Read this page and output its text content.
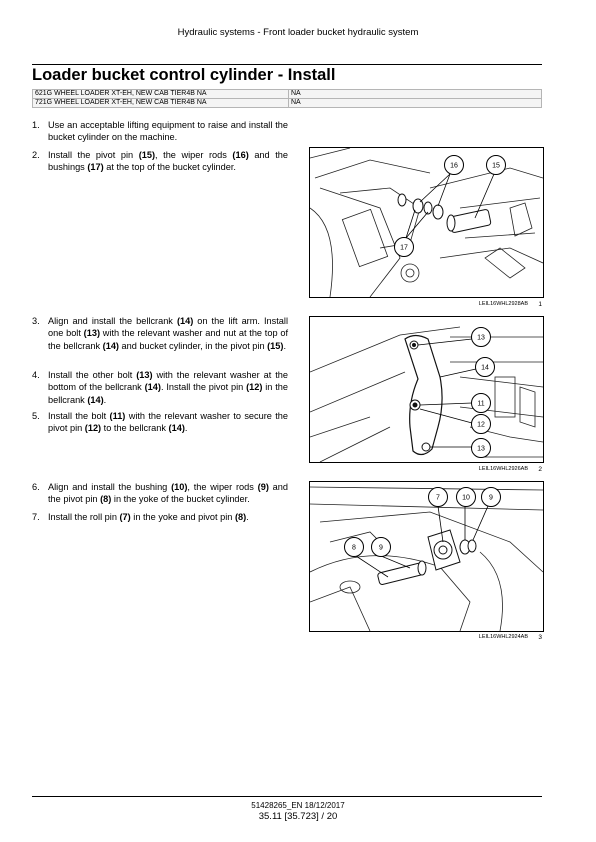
Hydraulic systems - Front loader bucket hydraulic system
Loader bucket control cylinder - Install
621G WHEEL LOADER XT-EH, NEW CAB TIER4B NA	NA
721G WHEEL LOADER XT-EH, NEW CAB TIER4B NA	NA
1. Use an acceptable lifting equipment to raise and install the bucket cylinder on the machine.
2. Install the pivot pin (15), the wiper rods (16) and the bushings (17) at the top of the bucket cylinder.
3. Align and install the bellcrank (14) on the lift arm. Install one bolt (13) with the relevant washer and nut at the top of the bellcrank (14) and bucket cylinder, in the pivot pin (15).
4. Install the other bolt (13) with the relevant washer at the bottom of the bellcrank (14). Install the pivot pin (12) in the bellcrank (14).
5. Install the bolt (11) with the relevant washer to secure the pivot pin (12) to the bellcrank (14).
6. Align and install the bushing (10), the wiper rods (9) and the pivot pin (8) in the yoke of the bucket cylinder.
7. Install the roll pin (7) in the yoke and pivot pin (8).
16	15
17
LEIL16WHL2928AB 1
13
14
11
12
13
LEIL16WHL2926AB 2
7	10	9
8	9
LEIL16WHL2924AB 3
51428265_EN 18/12/2017
35.11 [35.723] / 20
